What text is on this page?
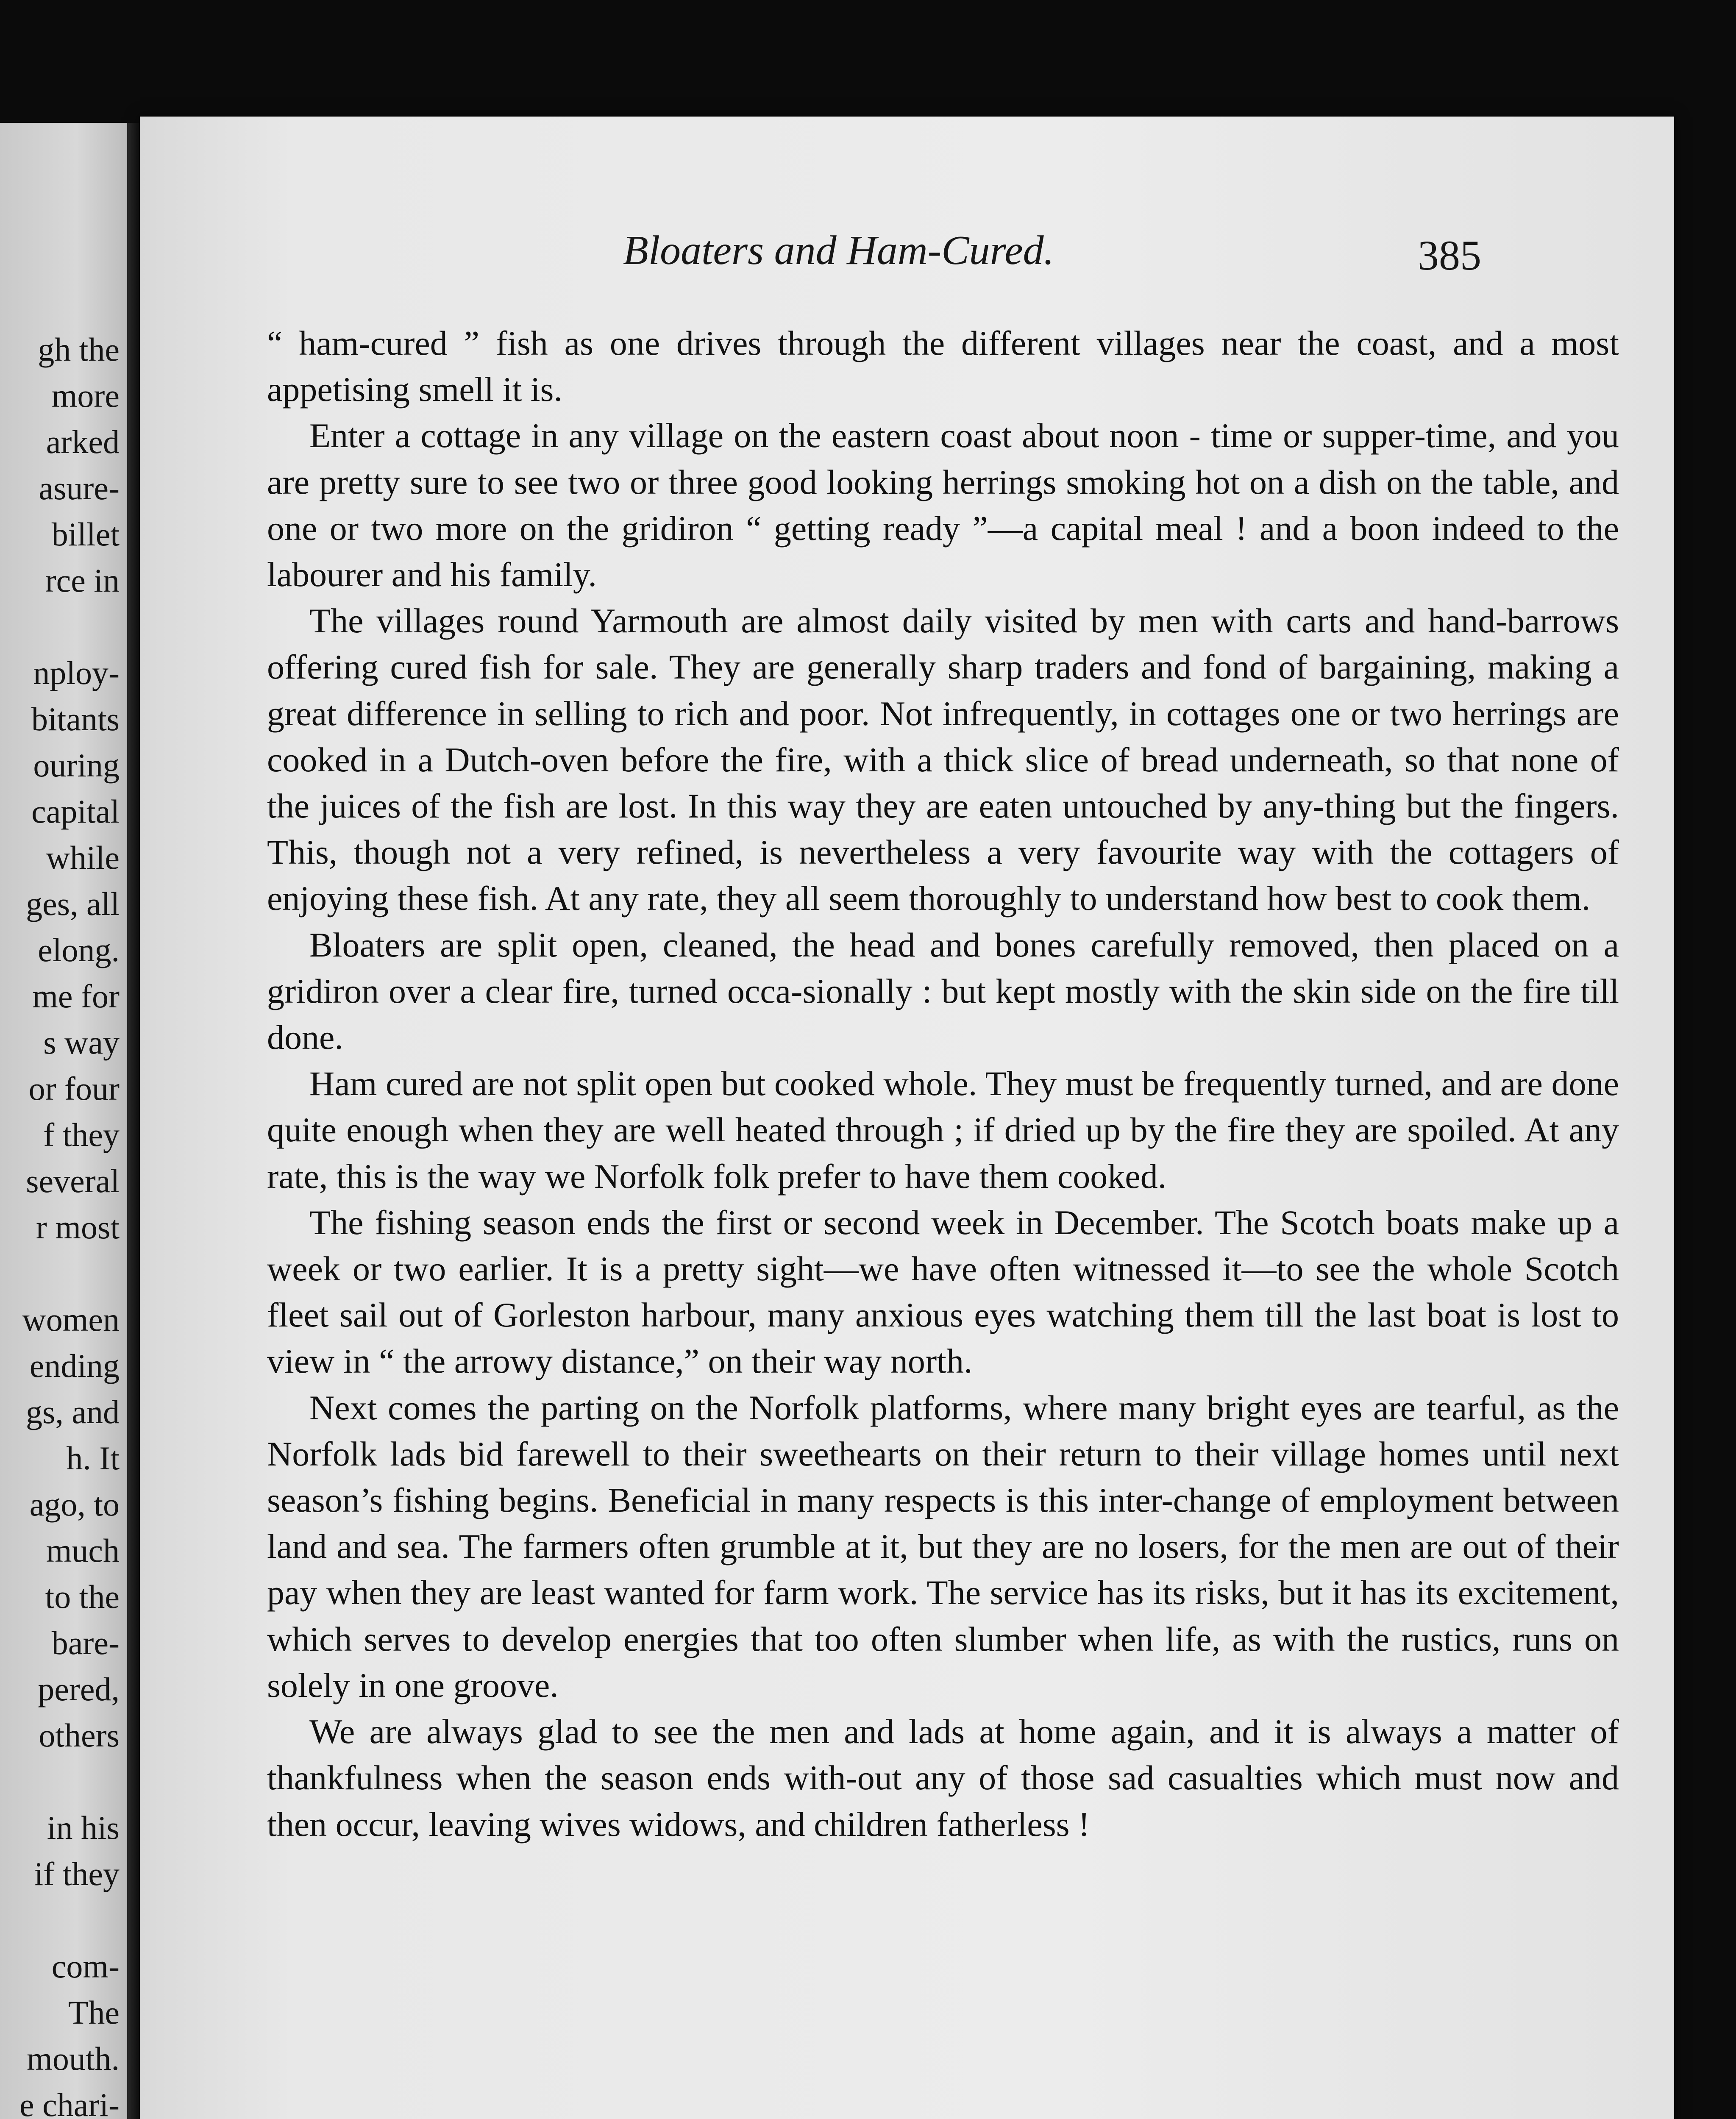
gh the
more
arked
asure-
billet
rce in
nploy-
bitants
ouring
capital
while
ges, all
elong.
me for
s way
or four
f they
several
r most
women
ending
gs, and
h. It
ago, to
much
to the
bare-
pered,
others
in his
if they
com-
The
mouth.
e chari-
Bloaters and Ham-Cured.	385

“ ham-cured ” fish as one drives through the different villages near the coast, and a most appetising smell it is.

Enter a cottage in any village on the eastern coast about noon - time or supper-time, and you are pretty sure to see two or three good looking herrings smoking hot on a dish on the table, and one or two more on the gridiron “ getting ready ”—a capital meal ! and a boon indeed to the labourer and his family.

The villages round Yarmouth are almost daily visited by men with carts and hand-barrows offering cured fish for sale. They are generally sharp traders and fond of bargaining, making a great difference in selling to rich and poor. Not infrequently, in cottages one or two herrings are cooked in a Dutch-oven before the fire, with a thick slice of bread underneath, so that none of the juices of the fish are lost. In this way they are eaten untouched by any-thing but the fingers. This, though not a very refined, is nevertheless a very favourite way with the cottagers of enjoying these fish. At any rate, they all seem thoroughly to understand how best to cook them.

Bloaters are split open, cleaned, the head and bones carefully removed, then placed on a gridiron over a clear fire, turned occa-sionally : but kept mostly with the skin side on the fire till done.

Ham cured are not split open but cooked whole. They must be frequently turned, and are done quite enough when they are well heated through ; if dried up by the fire they are spoiled. At any rate, this is the way we Norfolk folk prefer to have them cooked.

The fishing season ends the first or second week in December. The Scotch boats make up a week or two earlier. It is a pretty sight—we have often witnessed it—to see the whole Scotch fleet sail out of Gorleston harbour, many anxious eyes watching them till the last boat is lost to view in “ the arrowy distance,” on their way north.

Next comes the parting on the Norfolk platforms, where many bright eyes are tearful, as the Norfolk lads bid farewell to their sweethearts on their return to their village homes until next season’s fishing begins. Beneficial in many respects is this inter-change of employment between land and sea. The farmers often grumble at it, but they are no losers, for the men are out of their pay when they are least wanted for farm work. The service has its risks, but it has its excitement, which serves to develop energies that too often slumber when life, as with the rustics, runs on solely in one groove.

We are always glad to see the men and lads at home again, and it is always a matter of thankfulness when the season ends with-out any of those sad casualties which must now and then occur, leaving wives widows, and children fatherless !
